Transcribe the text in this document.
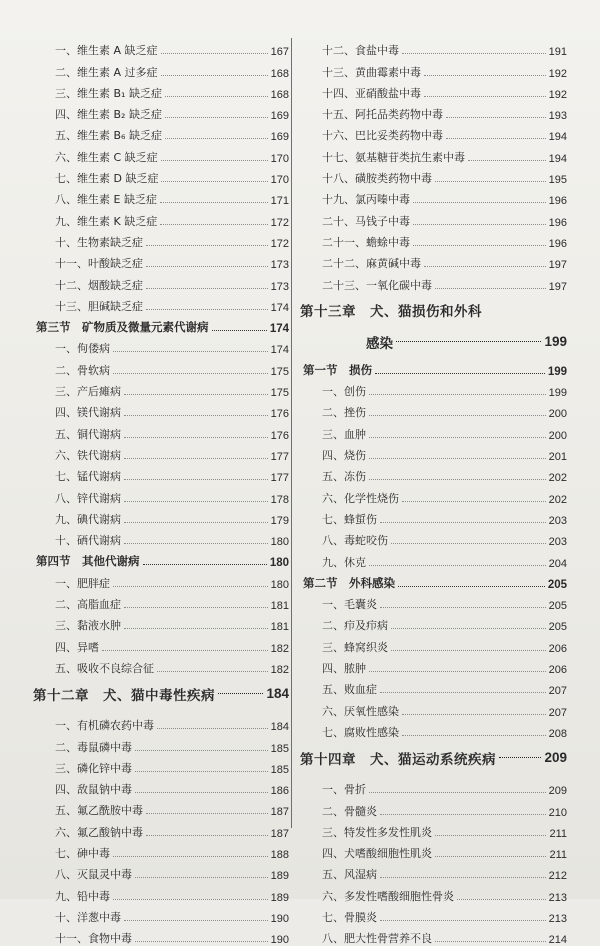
一、维生素 A 缺乏症	167
二、维生素 A 过多症	168
三、维生素 B₁ 缺乏症	168
四、维生素 B₂ 缺乏症	169
五、维生素 B₆ 缺乏症	169
六、维生素 C 缺乏症	170
七、维生素 D 缺乏症	170
八、维生素 E 缺乏症	171
九、维生素 K 缺乏症	172
十、生物素缺乏症	172
十一、叶酸缺乏症	173
十二、烟酸缺乏症	173
十三、胆碱缺乏症	174
第三节　矿物质及微量元素代谢病	174
一、佝偻病	174
二、骨软病	175
三、产后瘫病	175
四、镁代谢病	176
五、铜代谢病	176
六、铁代谢病	177
七、锰代谢病	177
八、锌代谢病	178
九、碘代谢病	179
十、硒代谢病	180
第四节　其他代谢病	180
一、肥胖症	180
二、高脂血症	181
三、黏液水肿	181
四、异嗜	182
五、吸收不良综合征	182
第十二章　犬、猫中毒性疾病	184
一、有机磷农药中毒	184
二、毒鼠磷中毒	185
三、磷化锌中毒	185
四、敌鼠钠中毒	186
五、氟乙酰胺中毒	187
六、氟乙酸钠中毒	187
七、砷中毒	188
八、灭鼠灵中毒	189
九、铅中毒	189
十、洋葱中毒	190
十一、食物中毒	190
十二、食盐中毒	191
十三、黄曲霉素中毒	192
十四、亚硝酸盐中毒	192
十五、阿托品类药物中毒	193
十六、巴比妥类药物中毒	194
十七、氨基糖苷类抗生素中毒	194
十八、磺胺类药物中毒	195
十九、氯丙嗪中毒	196
二十、马钱子中毒	196
二十一、蟾蜍中毒	196
二十二、麻黄碱中毒	197
二十三、一氧化碳中毒	197
第十三章　犬、猫损伤和外科
感染	199
第一节　损伤	199
一、创伤	199
二、挫伤	200
三、血肿	200
四、烧伤	201
五、冻伤	202
六、化学性烧伤	202
七、蜂蜇伤	203
八、毒蛇咬伤	203
九、休克	204
第二节　外科感染	205
一、毛囊炎	205
二、疖及疖病	205
三、蜂窝织炎	206
四、脓肿	206
五、败血症	207
六、厌氧性感染	207
七、腐败性感染	208
第十四章　犬、猫运动系统疾病	209
一、骨折	209
二、骨髓炎	210
三、特发性多发性肌炎	211
四、犬嗜酸细胞性肌炎	211
五、风湿病	212
六、多发性嗜酸细胞性骨炎	213
七、骨膜炎	213
八、肥大性骨营养不良	214
